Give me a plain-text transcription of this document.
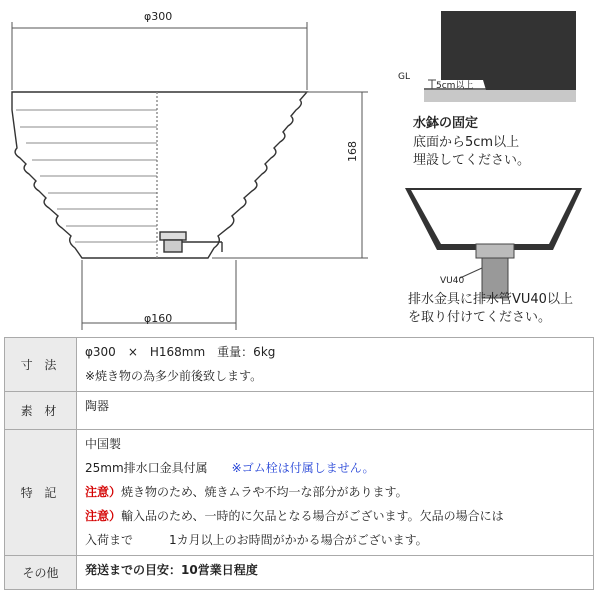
φ300
168
φ160
GL
5cm以上
水鉢の固定
底面から5cm以上
埋設してください。
VU40
排水金具に排水管VU40以上
を取り付けてください。
寸 法	φ300　×　H168mm　重量：6kg
※焼き物の為多少前後致します。

素 材	陶器
特 記	中国製
25mm排水口金具付属　　 ※ゴム栓は付属しません。
注意）焼き物のため、焼きムラや不均一な部分があります。
注意）輸入品のため、一時的に欠品となる場合がございます。欠品の場合には
入荷まで　　　1カ月以上のお時間がかかる場合がございます。

その他	発送までの目安：10営業日程度
